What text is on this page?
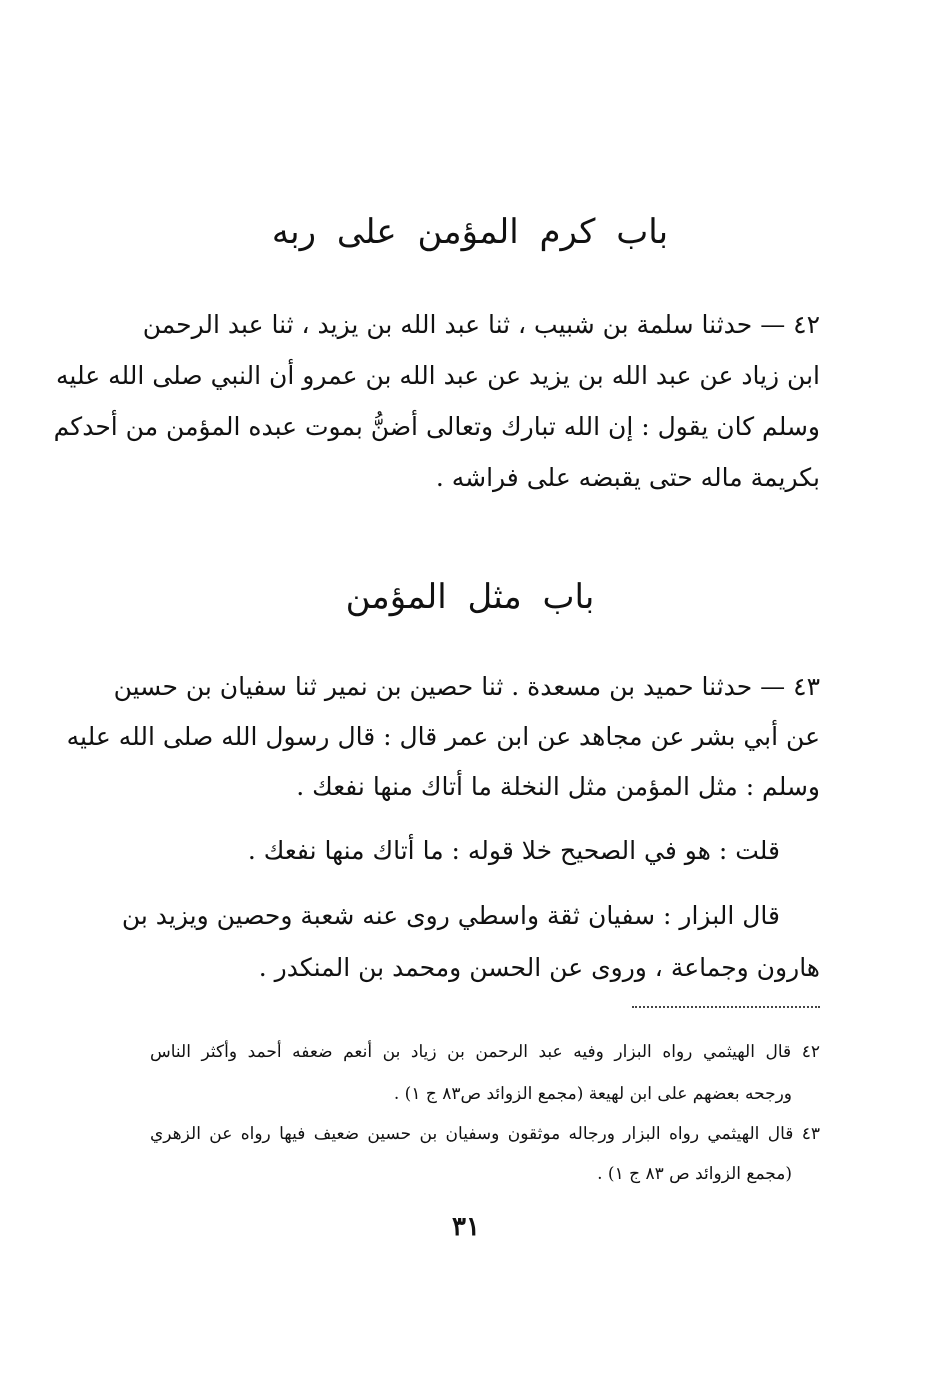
باب كرم المؤمن على ربه
٤٢ — حدثنا سلمة بن شبيب ، ثنا عبد الله بن يزيد ، ثنا عبد الرحمن
ابن زياد عن عبد الله بن يزيد عن عبد الله بن عمرو أن النبي صلى الله عليه
وسلم كان يقول : إن الله تبارك وتعالى أضنُّ بموت عبده المؤمن من أحدكم
بكريمة ماله حتى يقبضه على فراشه .
باب مثل المؤمن
٤٣ — حدثنا حميد بن مسعدة . ثنا حصين بن نمير ثنا سفيان بن حسين
عن أبي بشر عن مجاهد عن ابن عمر قال : قال رسول الله صلى الله عليه
وسلم : مثل المؤمن مثل النخلة ما أتاك منها نفعك .
قلت : هو في الصحيح خلا قوله : ما أتاك منها نفعك .
قال البزار : سفيان ثقة واسطي روى عنه شعبة وحصين ويزيد بن
هارون وجماعة ، وروى عن الحسن ومحمد بن المنكدر .
٤٢ قال الهيثمي رواه البزار وفيه عبد الرحمن بن زياد بن أنعم ضعفه أحمد وأكثر الناس
ورجحه بعضهم على ابن لهيعة (مجمع الزوائد ص٨٣ ج ١) .
٤٣ قال الهيثمي رواه البزار ورجاله موثقون وسفيان بن حسين ضعيف فيها رواه عن الزهري
(مجمع الزوائد ص ٨٣ ج ١) .
٣١
